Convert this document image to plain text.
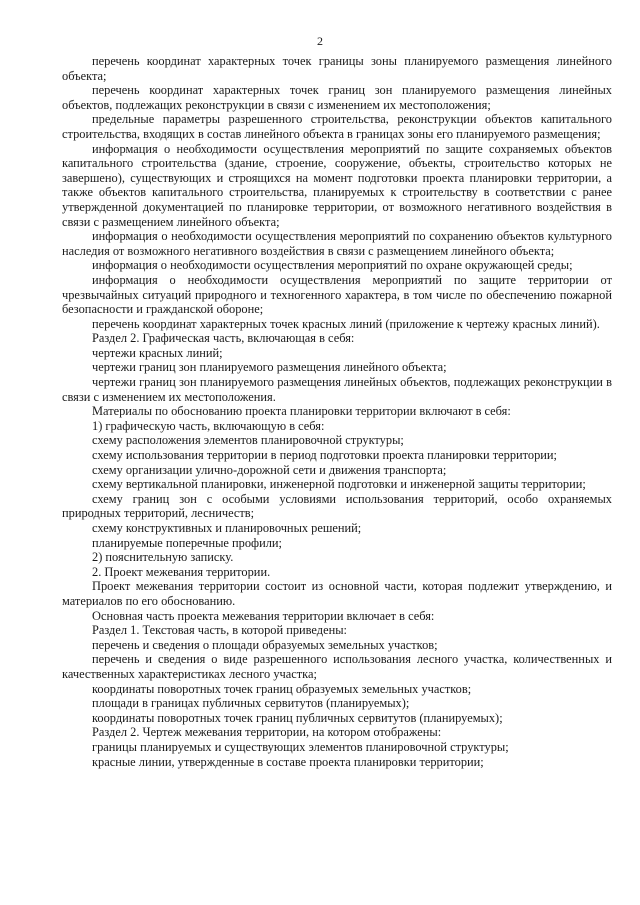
2

перечень координат характерных точек границы зоны планируемого размещения линейного объекта;

перечень координат характерных точек границ зон планируемого размещения линейных объектов, подлежащих реконструкции в связи с изменением их местоположения;

предельные параметры разрешенного строительства, реконструкции объектов капитального строительства, входящих в состав линейного объекта в границах зоны его планируемого размещения;

информация о необходимости осуществления мероприятий по защите сохраняемых объектов капитального строительства (здание, строение, сооружение, объекты, строительство которых не завершено), существующих и строящихся на момент подготовки проекта планировки территории, а также объектов капитального строительства, планируемых к строительству в соответствии с ранее утвержденной документацией по планировке территории, от возможного негативного воздействия в связи с размещением линейного объекта;

информация о необходимости осуществления мероприятий по сохранению объектов культурного наследия от возможного негативного воздействия в связи с размещением линейного объекта;

информация о необходимости осуществления мероприятий по охране окружающей среды;

информация о необходимости осуществления мероприятий по защите территории от чрезвычайных ситуаций природного и техногенного характера, в том числе по обеспечению пожарной безопасности и гражданской обороне;

перечень координат характерных точек красных линий (приложение к чертежу красных линий).

Раздел 2. Графическая часть, включающая в себя:

чертежи красных линий;

чертежи границ зон планируемого размещения линейного объекта;

чертежи границ зон планируемого размещения линейных объектов, подлежащих реконструкции в связи с изменением их местоположения.

Материалы по обоснованию проекта планировки территории включают в себя:

1) графическую часть, включающую в себя:

схему расположения элементов планировочной структуры;

схему использования территории в период подготовки проекта планировки территории;

схему организации улично-дорожной сети и движения транспорта;

схему вертикальной планировки, инженерной подготовки и инженерной защиты территории;

схему границ зон с особыми условиями использования территорий, особо охраняемых природных территорий, лесничеств;

схему конструктивных и планировочных решений;

планируемые поперечные профили;

2) пояснительную записку.

2. Проект межевания территории.

Проект межевания территории состоит из основной части, которая подлежит утверждению, и материалов по его обоснованию.

Основная часть проекта межевания территории включает в себя:

Раздел 1. Текстовая часть, в которой приведены:

перечень и сведения о площади образуемых земельных участков;

перечень и сведения о виде разрешенного использования лесного участка, количественных и качественных характеристиках лесного участка;

координаты поворотных точек границ образуемых земельных участков;

площади в границах публичных сервитутов (планируемых);

координаты поворотных точек границ публичных сервитутов (планируемых);

Раздел 2. Чертеж межевания территории, на котором отображены:

границы планируемых и существующих элементов планировочной структуры;

красные линии, утвержденные в составе проекта планировки территории;
